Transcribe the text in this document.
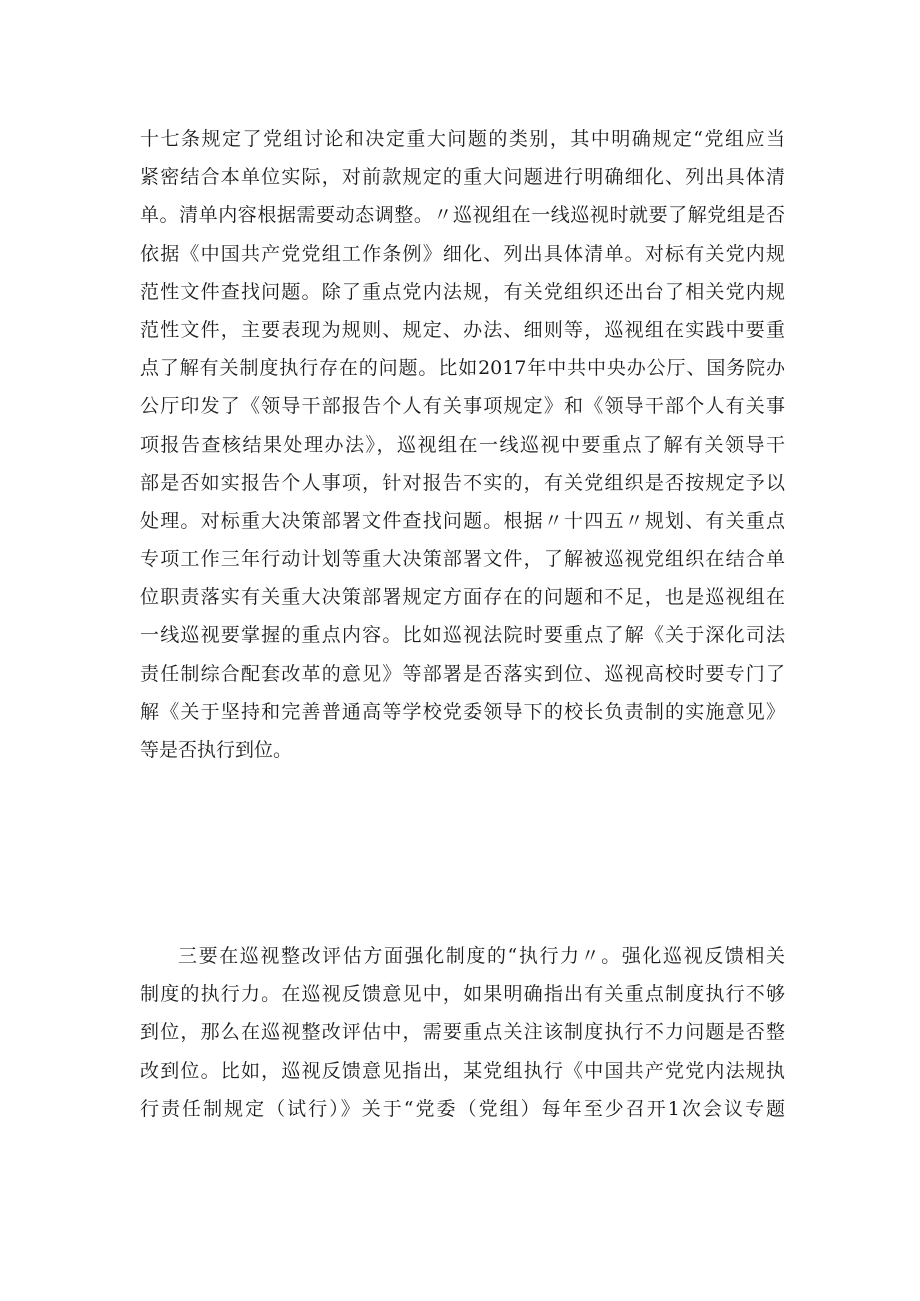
十七条规定了党组讨论和决定重大问题的类别，其中明确规定“党组应当
紧密结合本单位实际，对前款规定的重大问题进行明确细化、列出具体清
单。清单内容根据需要动态调整。〃巡视组在一线巡视时就要了解党组是否
依据《中国共产党党组工作条例》细化、列出具体清单。对标有关党内规
范性文件查找问题。除了重点党内法规，有关党组织还出台了相关党内规
范性文件，主要表现为规则、规定、办法、细则等，巡视组在实践中要重
点了解有关制度执行存在的问题。比如2017年中共中央办公厅、国务院办
公厅印发了《领导干部报告个人有关事项规定》和《领导干部个人有关事
项报告查核结果处理办法》，巡视组在一线巡视中要重点了解有关领导干
部是否如实报告个人事项，针对报告不实的，有关党组织是否按规定予以
处理。对标重大决策部署文件查找问题。根据〃十四五〃规划、有关重点
专项工作三年行动计划等重大决策部署文件，了解被巡视党组织在结合单
位职责落实有关重大决策部署规定方面存在的问题和不足，也是巡视组在
一线巡视要掌握的重点内容。比如巡视法院时要重点了解《关于深化司法
责任制综合配套改革的意见》等部署是否落实到位、巡视高校时要专门了
解《关于坚持和完善普通高等学校党委领导下的校长负责制的实施意见》
等是否执行到位。
三要在巡视整改评估方面强化制度的“执行力〃。强化巡视反馈相关
制度的执行力。在巡视反馈意见中，如果明确指出有关重点制度执行不够
到位，那么在巡视整改评估中，需要重点关注该制度执行不力问题是否整
改到位。比如，巡视反馈意见指出，某党组执行《中国共产党党内法规执
行责任制规定（试行）》关于“党委（党组）每年至少召开1次会议专题
